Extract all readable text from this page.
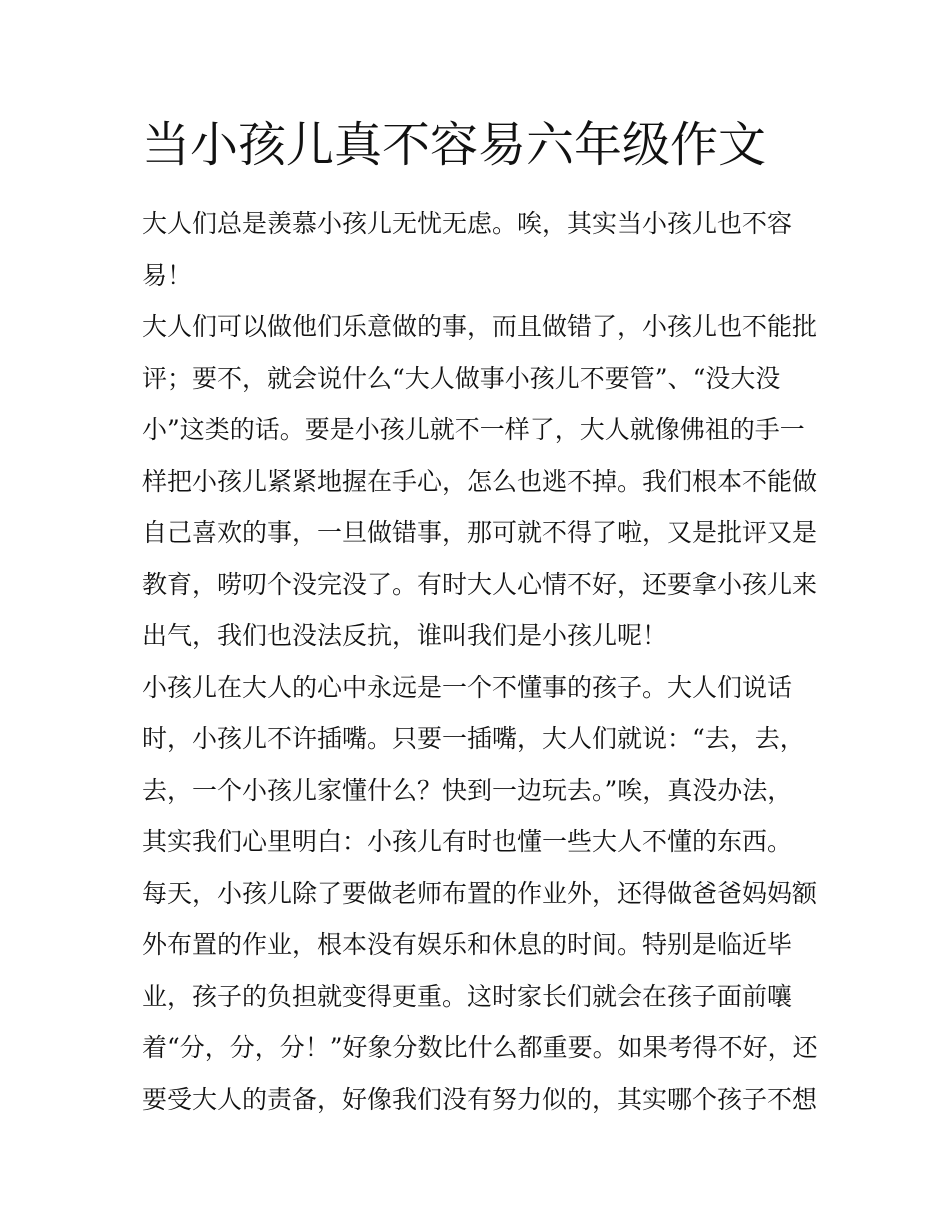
当小孩儿真不容易六年级作文
大人们总是羡慕小孩儿无忧无虑。唉，其实当小孩儿也不容
易！
大人们可以做他们乐意做的事，而且做错了，小孩儿也不能批
评；要不，就会说什么“大人做事小孩儿不要管”、“没大没
小”这类的话。要是小孩儿就不一样了，大人就像佛祖的手一
样把小孩儿紧紧地握在手心，怎么也逃不掉。我们根本不能做
自己喜欢的事，一旦做错事，那可就不得了啦，又是批评又是
教育，唠叨个没完没了。有时大人心情不好，还要拿小孩儿来
出气，我们也没法反抗，谁叫我们是小孩儿呢！
小孩儿在大人的心中永远是一个不懂事的孩子。大人们说话
时，小孩儿不许插嘴。只要一插嘴，大人们就说：“去，去，
去，一个小孩儿家懂什么？快到一边玩去。”唉，真没办法，
其实我们心里明白：小孩儿有时也懂一些大人不懂的东西。
每天，小孩儿除了要做老师布置的作业外，还得做爸爸妈妈额
外布置的作业，根本没有娱乐和休息的时间。特别是临近毕
业，孩子的负担就变得更重。这时家长们就会在孩子面前嚷
着“分，分，分！”好象分数比什么都重要。如果考得不好，还
要受大人的责备，好像我们没有努力似的，其实哪个孩子不想
